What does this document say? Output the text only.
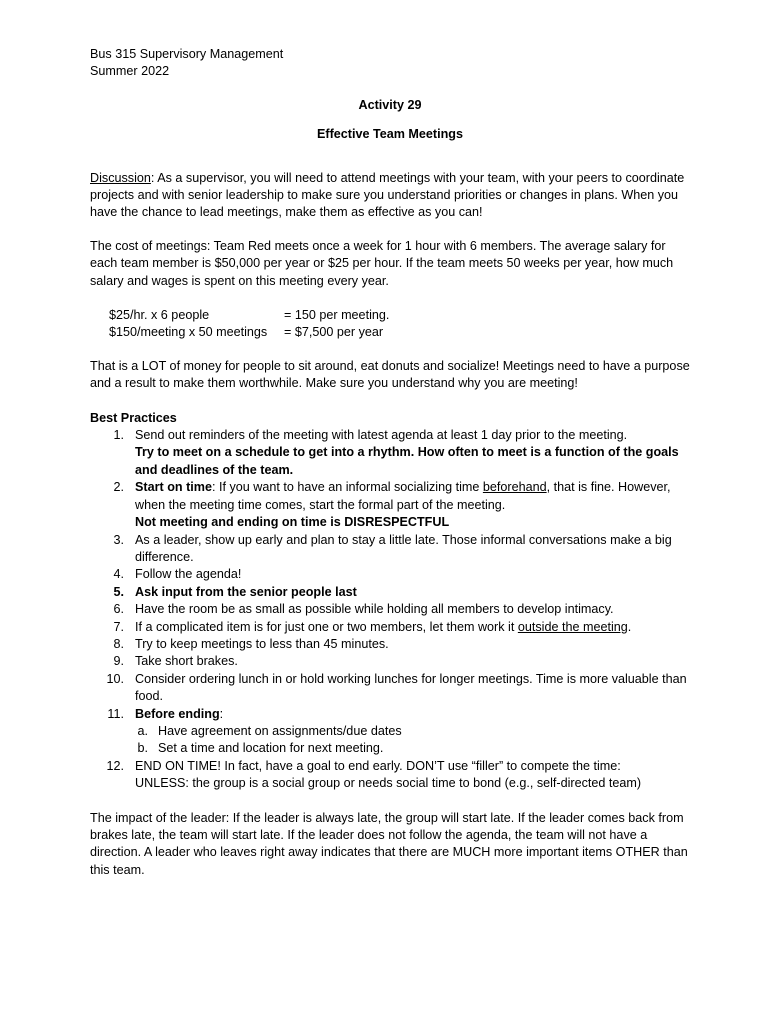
Bus 315 Supervisory Management
Summer 2022
Activity 29
Effective Team Meetings
Discussion: As a supervisor, you will need to attend meetings with your team, with your peers to coordinate projects and with senior leadership to make sure you understand priorities or changes in plans. When you have the chance to lead meetings, make them as effective as you can!
The cost of meetings: Team Red meets once a week for 1 hour with 6 members. The average salary for each team member is $50,000 per year or $25 per hour. If the team meets 50 weeks per year, how much salary and wages is spent on this meeting every year.
$25/hr. x 6 people	= 150 per meeting.
$150/meeting x 50 meetings = $7,500 per year
That is a LOT of money for people to sit around, eat donuts and socialize! Meetings need to have a purpose and a result to make them worthwhile. Make sure you understand why you are meeting!
Best Practices
1. Send out reminders of the meeting with latest agenda at least 1 day prior to the meeting.
Try to meet on a schedule to get into a rhythm. How often to meet is a function of the goals and deadlines of the team.
2. Start on time: If you want to have an informal socializing time beforehand, that is fine. However, when the meeting time comes, start the formal part of the meeting.
Not meeting and ending on time is DISRESPECTFUL
3. As a leader, show up early and plan to stay a little late. Those informal conversations make a big difference.
4. Follow the agenda!
5. Ask input from the senior people last
6. Have the room be as small as possible while holding all members to develop intimacy.
7. If a complicated item is for just one or two members, let them work it outside the meeting.
8. Try to keep meetings to less than 45 minutes.
9. Take short brakes.
10. Consider ordering lunch in or hold working lunches for longer meetings. Time is more valuable than food.
11. Before ending:
a. Have agreement on assignments/due dates
b. Set a time and location for next meeting.
12. END ON TIME! In fact, have a goal to end early. DON’T use “filler” to compete the time:
UNLESS: the group is a social group or needs social time to bond (e.g., self-directed team)
The impact of the leader: If the leader is always late, the group will start late. If the leader comes back from brakes late, the team will start late. If the leader does not follow the agenda, the team will not have a direction. A leader who leaves right away indicates that there are MUCH more important items OTHER than this team.
